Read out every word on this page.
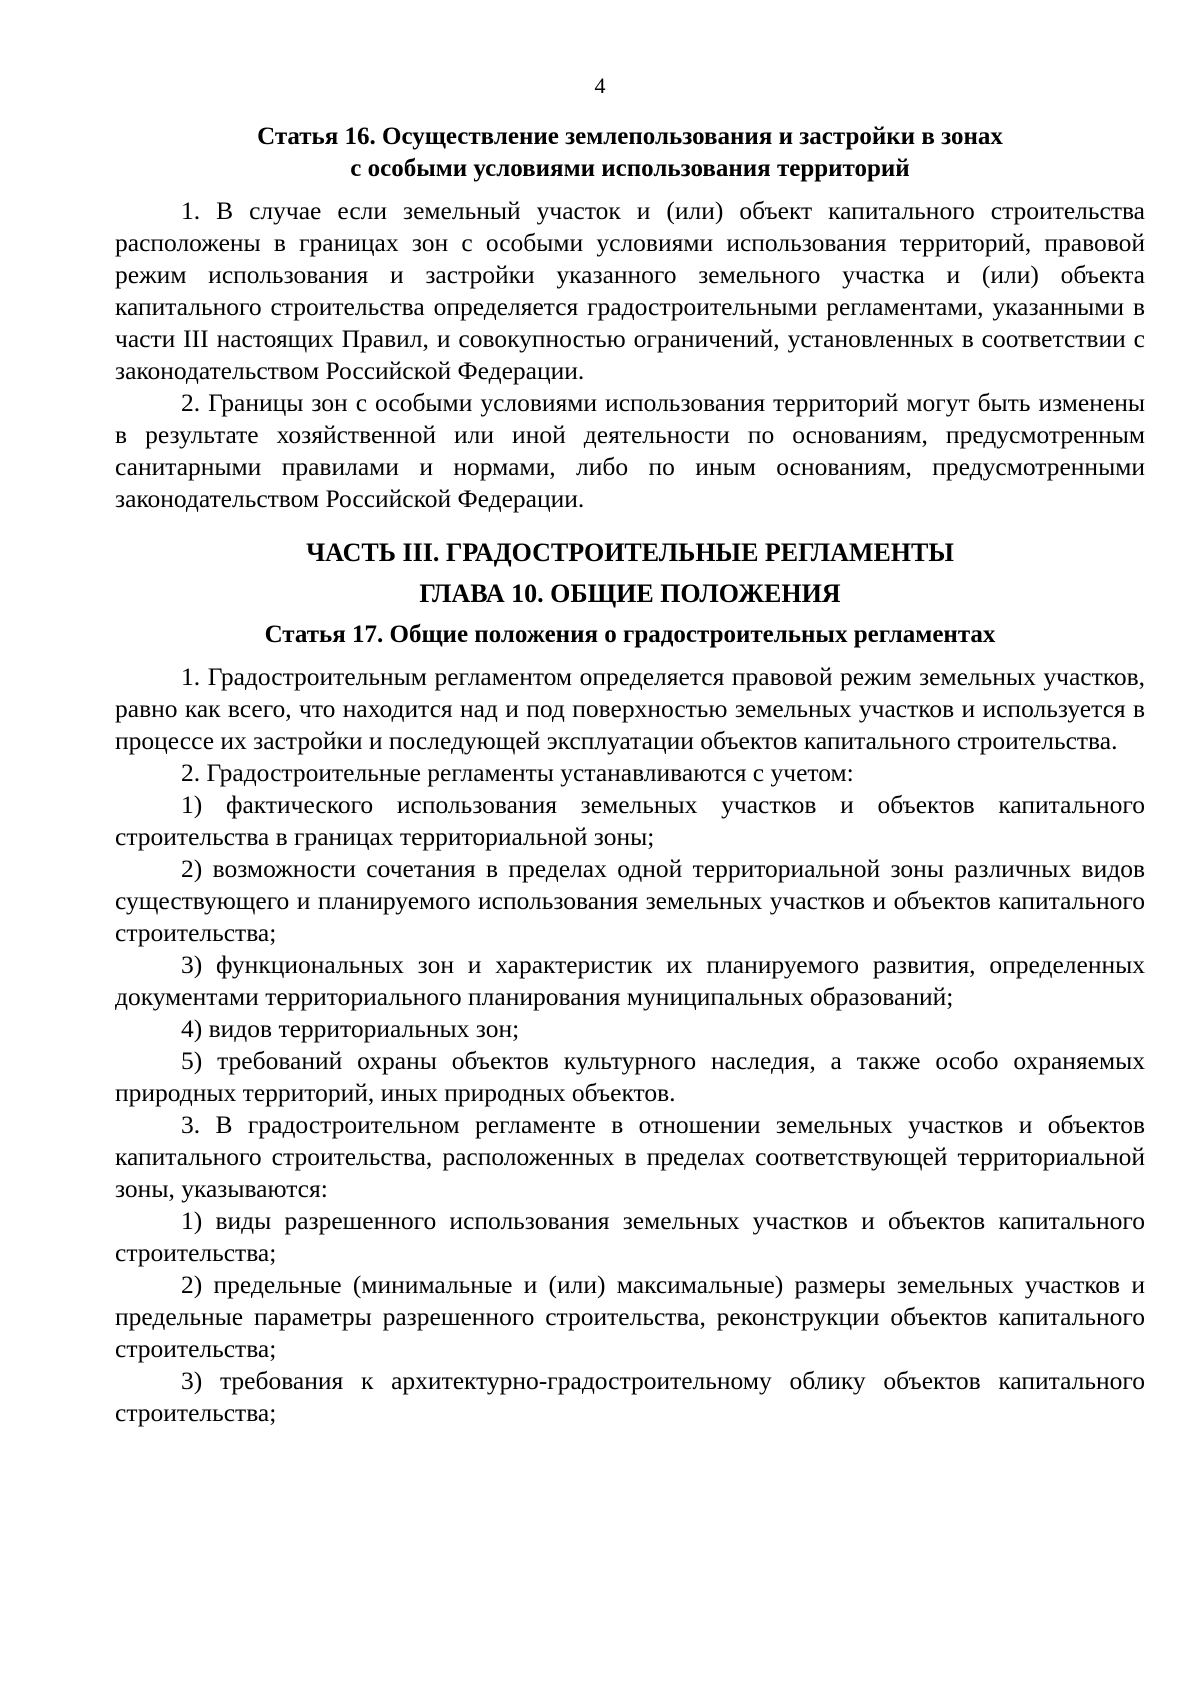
4
Статья 16. Осуществление землепользования и застройки в зонах
с особыми условиями использования территорий

1. В случае если земельный участок и (или) объект капитального строительства расположены в границах зон с особыми условиями использования территорий, правовой режим использования и застройки указанного земельного участка и (или) объекта капитального строительства определяется градостроительными регламентами, указанными в части III настоящих Правил, и совокупностью ограничений, установленных в соответствии с законодательством Российской Федерации.

2. Границы зон с особыми условиями использования территорий могут быть изменены в результате хозяйственной или иной деятельности по основаниям, предусмотренным санитарными правилами и нормами, либо по иным основаниям, предусмотренными законодательством Российской Федерации.

ЧАСТЬ III. ГРАДОСТРОИТЕЛЬНЫЕ РЕГЛАМЕНТЫ
ГЛАВА 10. ОБЩИЕ ПОЛОЖЕНИЯ
Статья 17. Общие положения о градостроительных регламентах

1. Градостроительным регламентом определяется правовой режим земельных участков, равно как всего, что находится над и под поверхностью земельных участков и используется в процессе их застройки и последующей эксплуатации объектов капитального строительства.

2. Градостроительные регламенты устанавливаются с учетом:

1) фактического использования земельных участков и объектов капитального строительства в границах территориальной зоны;

2) возможности сочетания в пределах одной территориальной зоны различных видов существующего и планируемого использования земельных участков и объектов капитального строительства;

3) функциональных зон и характеристик их планируемого развития, определенных документами территориального планирования муниципальных образований;

4) видов территориальных зон;

5) требований охраны объектов культурного наследия, а также особо охраняемых природных территорий, иных природных объектов.

3. В градостроительном регламенте в отношении земельных участков и объектов капитального строительства, расположенных в пределах соответствующей территориальной зоны, указываются:

1) виды разрешенного использования земельных участков и объектов капитального строительства;

2) предельные (минимальные и (или) максимальные) размеры земельных участков и предельные параметры разрешенного строительства, реконструкции объектов капитального строительства;

3) требования к архитектурно-градостроительному облику объектов капитального строительства;
